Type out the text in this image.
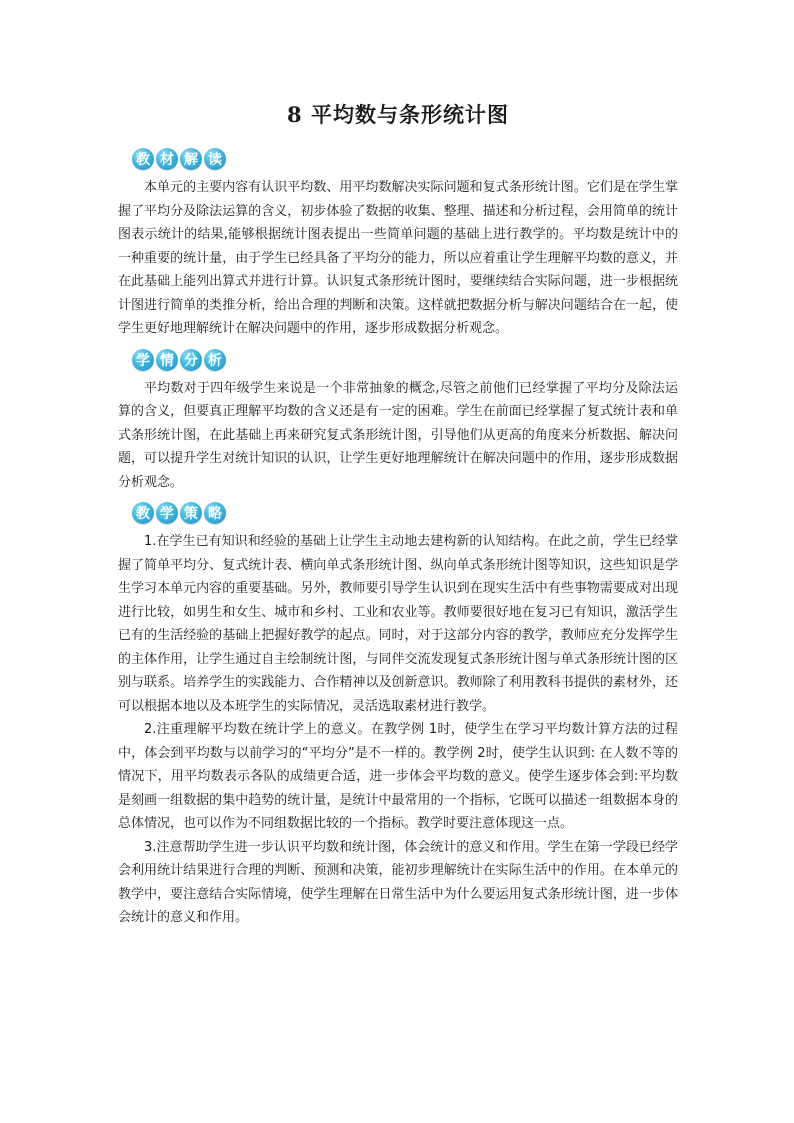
8 平均数与条形统计图
教 材 解 读

本单元的主要内容有认识平均数、用平均数解决实际问题和复式条形统计图。它们是在学生掌握了平均分及除法运算的含义，初步体验了数据的收集、整理、描述和分析过程，会用简单的统计图表示统计的结果,能够根据统计图表提出一些简单问题的基础上进行教学的。平均数是统计中的一种重要的统计量，由于学生已经具备了平均分的能力，所以应着重让学生理解平均数的意义，并在此基础上能列出算式并进行计算。认识复式条形统计图时，要继续结合实际问题，进一步根据统计图进行简单的类推分析，给出合理的判断和决策。这样就把数据分析与解决问题结合在一起，使学生更好地理解统计在解决问题中的作用，逐步形成数据分析观念。

学 情 分 析

平均数对于四年级学生来说是一个非常抽象的概念,尽管之前他们已经掌握了平均分及除法运算的含义，但要真正理解平均数的含义还是有一定的困难。学生在前面已经掌握了复式统计表和单式条形统计图，在此基础上再来研究复式条形统计图，引导他们从更高的角度来分析数据、解决问题，可以提升学生对统计知识的认识，让学生更好地理解统计在解决问题中的作用，逐步形成数据分析观念。

教 学 策 略

1.在学生已有知识和经验的基础上让学生主动地去建构新的认知结构。在此之前，学生已经掌握了简单平均分、复式统计表、横向单式条形统计图、纵向单式条形统计图等知识，这些知识是学生学习本单元内容的重要基础。另外，教师要引导学生认识到在现实生活中有些事物需要成对出现进行比较，如男生和女生、城市和乡村、工业和农业等。教师要很好地在复习已有知识，激活学生已有的生活经验的基础上把握好教学的起点。同时，对于这部分内容的教学，教师应充分发挥学生的主体作用，让学生通过自主绘制统计图，与同伴交流发现复式条形统计图与单式条形统计图的区别与联系。培养学生的实践能力、合作精神以及创新意识。教师除了利用教科书提供的素材外，还可以根据本地以及本班学生的实际情况，灵活选取素材进行教学。

2.注重理解平均数在统计学上的意义。在教学例 1时，使学生在学习平均数计算方法的过程中，体会到平均数与以前学习的“平均分”是不一样的。教学例 2时，使学生认识到: 在人数不等的情况下，用平均数表示各队的成绩更合适，进一步体会平均数的意义。使学生逐步体会到:平均数是刻画一组数据的集中趋势的统计量，是统计中最常用的一个指标，它既可以描述一组数据本身的总体情况，也可以作为不同组数据比较的一个指标。教学时要注意体现这一点。

3.注意帮助学生进一步认识平均数和统计图，体会统计的意义和作用。学生在第一学段已经学会利用统计结果进行合理的判断、预测和决策，能初步理解统计在实际生活中的作用。在本单元的教学中，要注意结合实际情境，使学生理解在日常生活中为什么要运用复式条形统计图，进一步体会统计的意义和作用。
